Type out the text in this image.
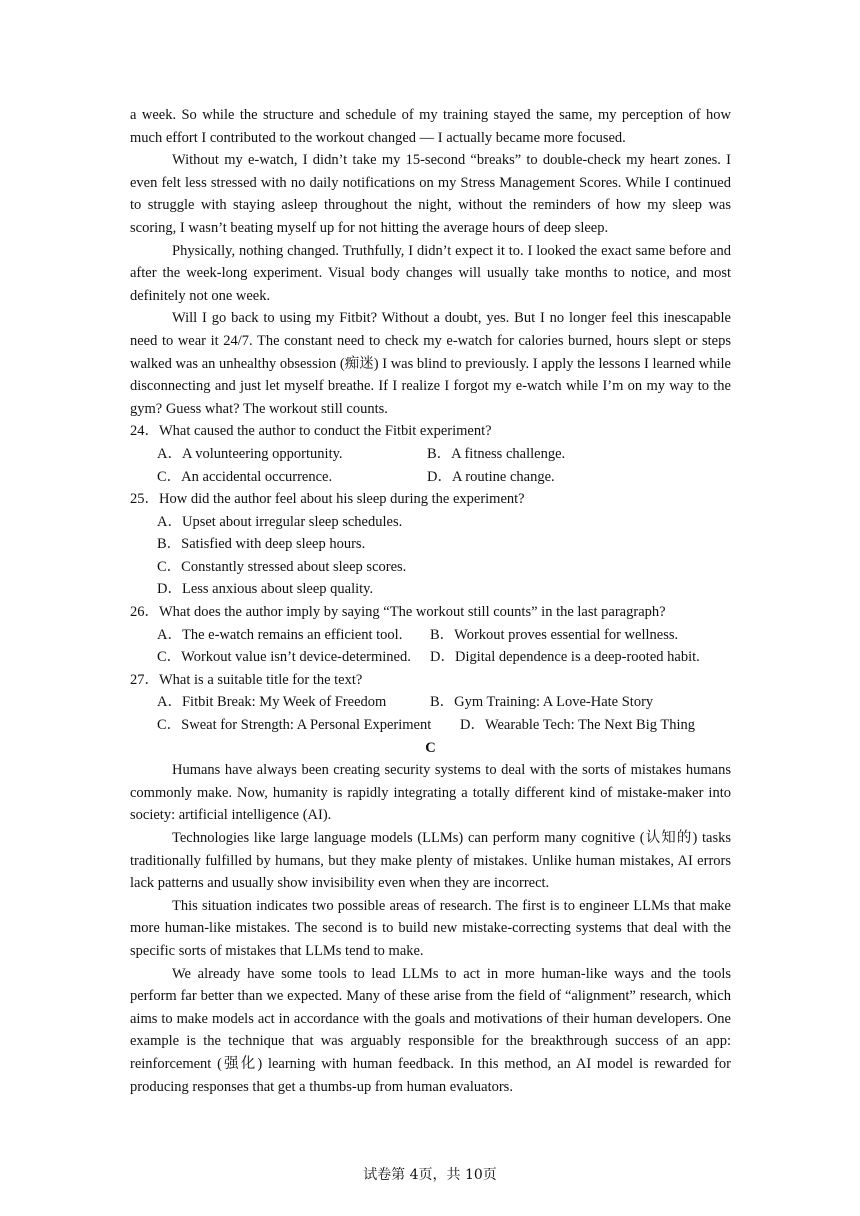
a week. So while the structure and schedule of my training stayed the same, my perception of how much effort I contributed to the workout changed — I actually became more focused.

Without my e-watch, I didn’t take my 15-second “breaks” to double-check my heart zones. I even felt less stressed with no daily notifications on my Stress Management Scores. While I continued to struggle with staying asleep throughout the night, without the reminders of how my sleep was scoring, I wasn’t beating myself up for not hitting the average hours of deep sleep.

Physically, nothing changed. Truthfully, I didn’t expect it to. I looked the exact same before and after the week-long experiment. Visual body changes will usually take months to notice, and most definitely not one week.

Will I go back to using my Fitbit? Without a doubt, yes. But I no longer feel this inescapable need to wear it 24/7. The constant need to check my e-watch for calories burned, hours slept or steps walked was an unhealthy obsession (痴迷) I was blind to previously. I apply the lessons I learned while disconnecting and just let myself breathe. If I realize I forgot my e-watch while I’m on my way to the gym? Guess what? The workout still counts.

24．What caused the author to conduct the Fitbit experiment?

A．A volunteering opportunity.	B．A fitness challenge.
C．An accidental occurrence.	D．A routine change.

25．How did the author feel about his sleep during the experiment?

A．Upset about irregular sleep schedules.
B．Satisfied with deep sleep hours.
C．Constantly stressed about sleep scores.
D．Less anxious about sleep quality.

26．What does the author imply by saying “The workout still counts” in the last paragraph?

A．The e-watch remains an efficient tool.	B．Workout proves essential for wellness.
C．Workout value isn’t device-determined.	D．Digital dependence is a deep-rooted habit.

27．What is a suitable title for the text?

A．Fitbit Break: My Week of Freedom	B．Gym Training: A Love-Hate Story
C．Sweat for Strength: A Personal Experiment	D．Wearable Tech: The Next Big Thing

C

Humans have always been creating security systems to deal with the sorts of mistakes humans commonly make. Now, humanity is rapidly integrating a totally different kind of mistake-maker into society: artificial intelligence (AI).

Technologies like large language models (LLMs) can perform many cognitive (认知的) tasks traditionally fulfilled by humans, but they make plenty of mistakes. Unlike human mistakes, AI errors lack patterns and usually show invisibility even when they are incorrect.

This situation indicates two possible areas of research. The first is to engineer LLMs that make more human-like mistakes. The second is to build new mistake-correcting systems that deal with the specific sorts of mistakes that LLMs tend to make.

We already have some tools to lead LLMs to act in more human-like ways and the tools perform far better than we expected. Many of these arise from the field of “alignment” research, which aims to make models act in accordance with the goals and motivations of their human developers. One example is the technique that was arguably responsible for the breakthrough success of an app: reinforcement (强化) learning with human feedback. In this method, an AI model is rewarded for producing responses that get a thumbs-up from human evaluators.

试卷第 4页，共 10页
